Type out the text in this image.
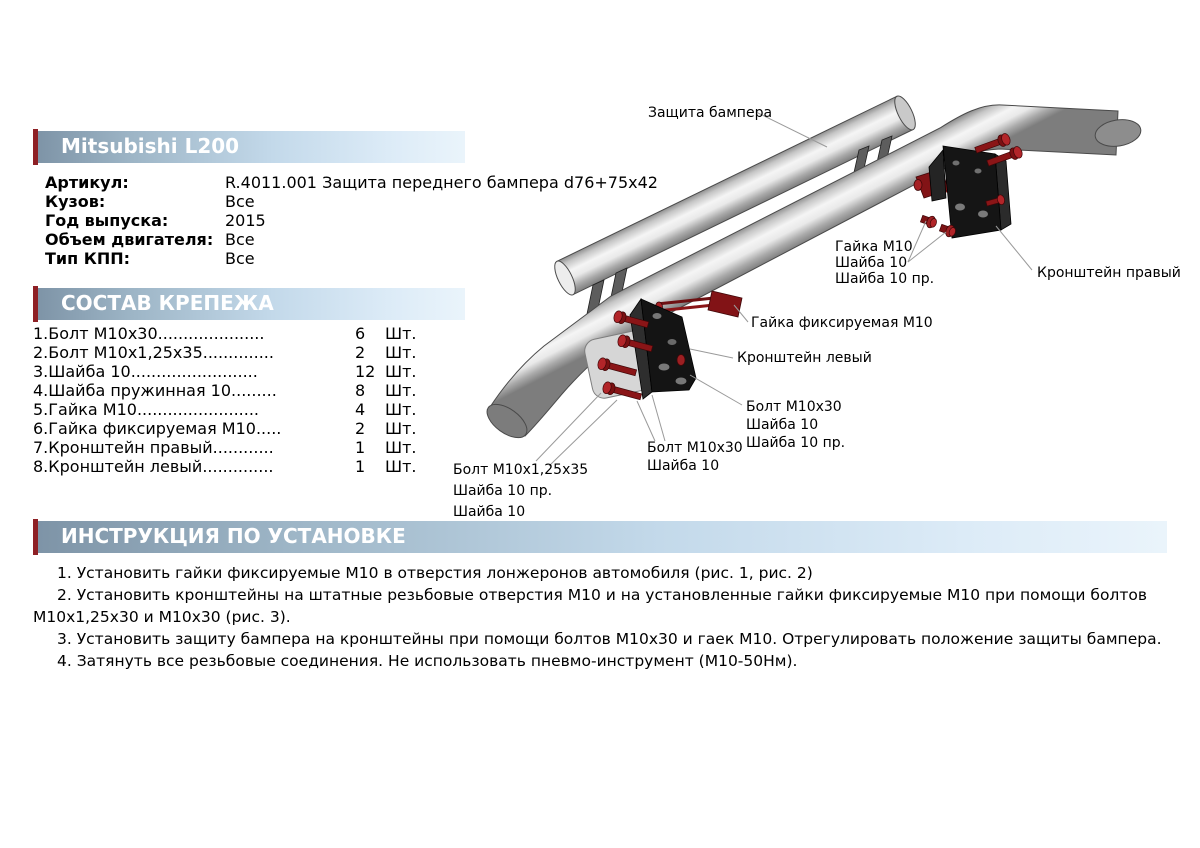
Защита бампера
Гайка M10
Шайба 10
Шайба 10 пр.	Кронштейн правый
Гайка фиксируемая M10
Кронштейн левый
Болт M10x30
Шайба 10
Шайба 10 пр.
Болт M10x30
Шайба 10
Болт M10x1,25x35
Шайба 10 пр.
Шайба 10
Mitsubishi L200
Артикул:	R.4011.001 Защита переднего бампера d76+75x42
Кузов:	Все
Год выпуска:	2015
Объем двигателя: Все
Тип КПП:	Все
СОСТАВ КРЕПЕЖА
1.Болт M10x30.....................	6 Шт.
2.Болт M10x1,25x35..............	2 Шт.
3.Шайба 10.........................	12 Шт.
4.Шайба пружинная 10.........	8 Шт.
5.Гайка M10........................	4 Шт.
6.Гайка фиксируемая M10.....	2 Шт.
7.Кронштейн правый............	1 Шт.
8.Кронштейн левый..............	1 Шт.
ИНСТРУКЦИЯ ПО УСТАНОВКЕ

1. Установить гайки фиксируемые M10 в отверстия лонжеронов автомобиля (рис. 1, рис. 2)

2. Установить кронштейны на штатные резьбовые отверстия M10 и на установленные гайки фиксируемые M10 при помощи болтов M10x1,25x30 и M10x30 (рис. 3).

3. Установить защиту бампера на кронштейны при помощи болтов M10x30 и гаек M10. Отрегулировать положение защиты бампера.

4. Затянуть все резьбовые соединения. Не использовать пневмо-инструмент (M10-50Нм).
